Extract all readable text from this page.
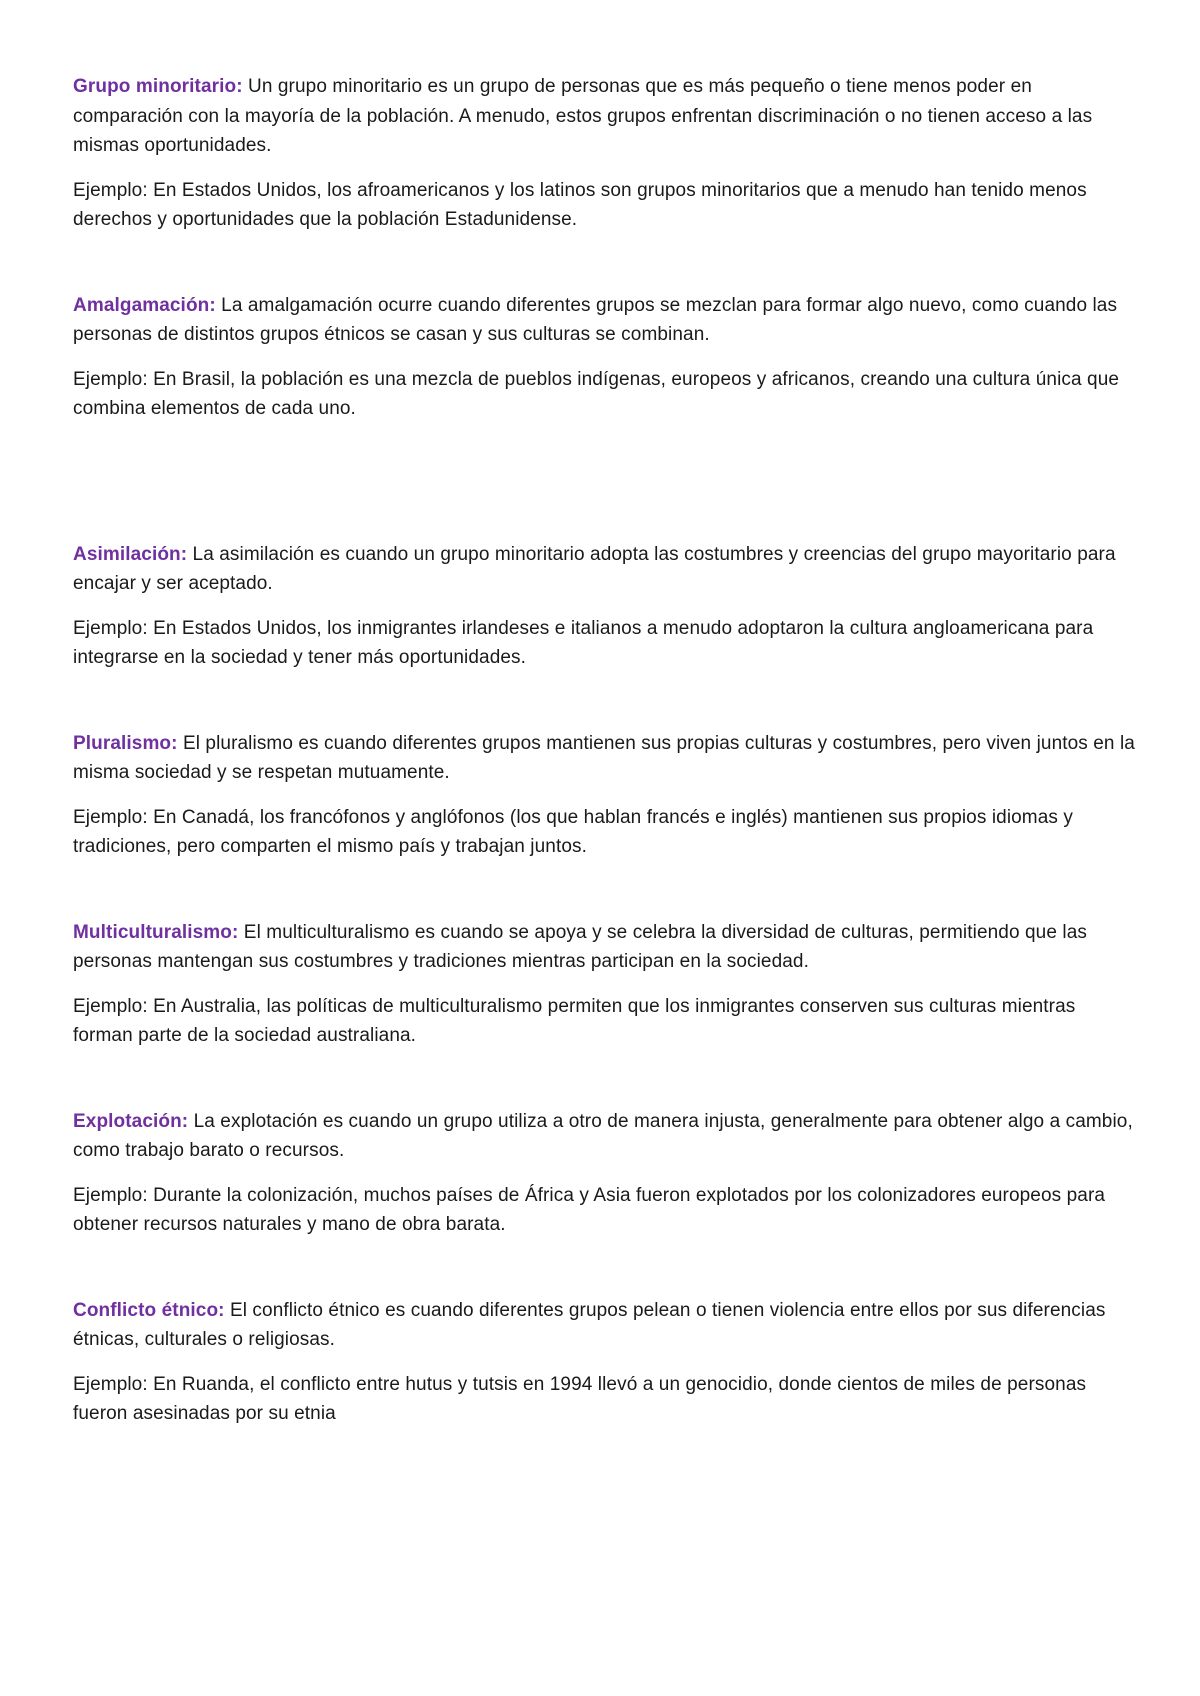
Grupo minoritario: Un grupo minoritario es un grupo de personas que es más pequeño o tiene menos poder en comparación con la mayoría de la población. A menudo, estos grupos enfrentan discriminación o no tienen acceso a las mismas oportunidades.

Ejemplo: En Estados Unidos, los afroamericanos y los latinos son grupos minoritarios que a menudo han tenido menos derechos y oportunidades que la población Estadunidense.

Amalgamación: La amalgamación ocurre cuando diferentes grupos se mezclan para formar algo nuevo, como cuando las personas de distintos grupos étnicos se casan y sus culturas se combinan.

Ejemplo: En Brasil, la población es una mezcla de pueblos indígenas, europeos y africanos, creando una cultura única que combina elementos de cada uno.

Asimilación: La asimilación es cuando un grupo minoritario adopta las costumbres y creencias del grupo mayoritario para encajar y ser aceptado.

Ejemplo: En Estados Unidos, los inmigrantes irlandeses e italianos a menudo adoptaron la cultura angloamericana para integrarse en la sociedad y tener más oportunidades.

Pluralismo: El pluralismo es cuando diferentes grupos mantienen sus propias culturas y costumbres, pero viven juntos en la misma sociedad y se respetan mutuamente.

Ejemplo: En Canadá, los francófonos y anglófonos (los que hablan francés e inglés) mantienen sus propios idiomas y tradiciones, pero comparten el mismo país y trabajan juntos.

Multiculturalismo: El multiculturalismo es cuando se apoya y se celebra la diversidad de culturas, permitiendo que las personas mantengan sus costumbres y tradiciones mientras participan en la sociedad.

Ejemplo: En Australia, las políticas de multiculturalismo permiten que los inmigrantes conserven sus culturas mientras forman parte de la sociedad australiana.

Explotación: La explotación es cuando un grupo utiliza a otro de manera injusta, generalmente para obtener algo a cambio, como trabajo barato o recursos.

Ejemplo: Durante la colonización, muchos países de África y Asia fueron explotados por los colonizadores europeos para obtener recursos naturales y mano de obra barata.

Conflicto étnico: El conflicto étnico es cuando diferentes grupos pelean o tienen violencia entre ellos por sus diferencias étnicas, culturales o religiosas.

Ejemplo: En Ruanda, el conflicto entre hutus y tutsis en 1994 llevó a un genocidio, donde cientos de miles de personas fueron asesinadas por su etnia
